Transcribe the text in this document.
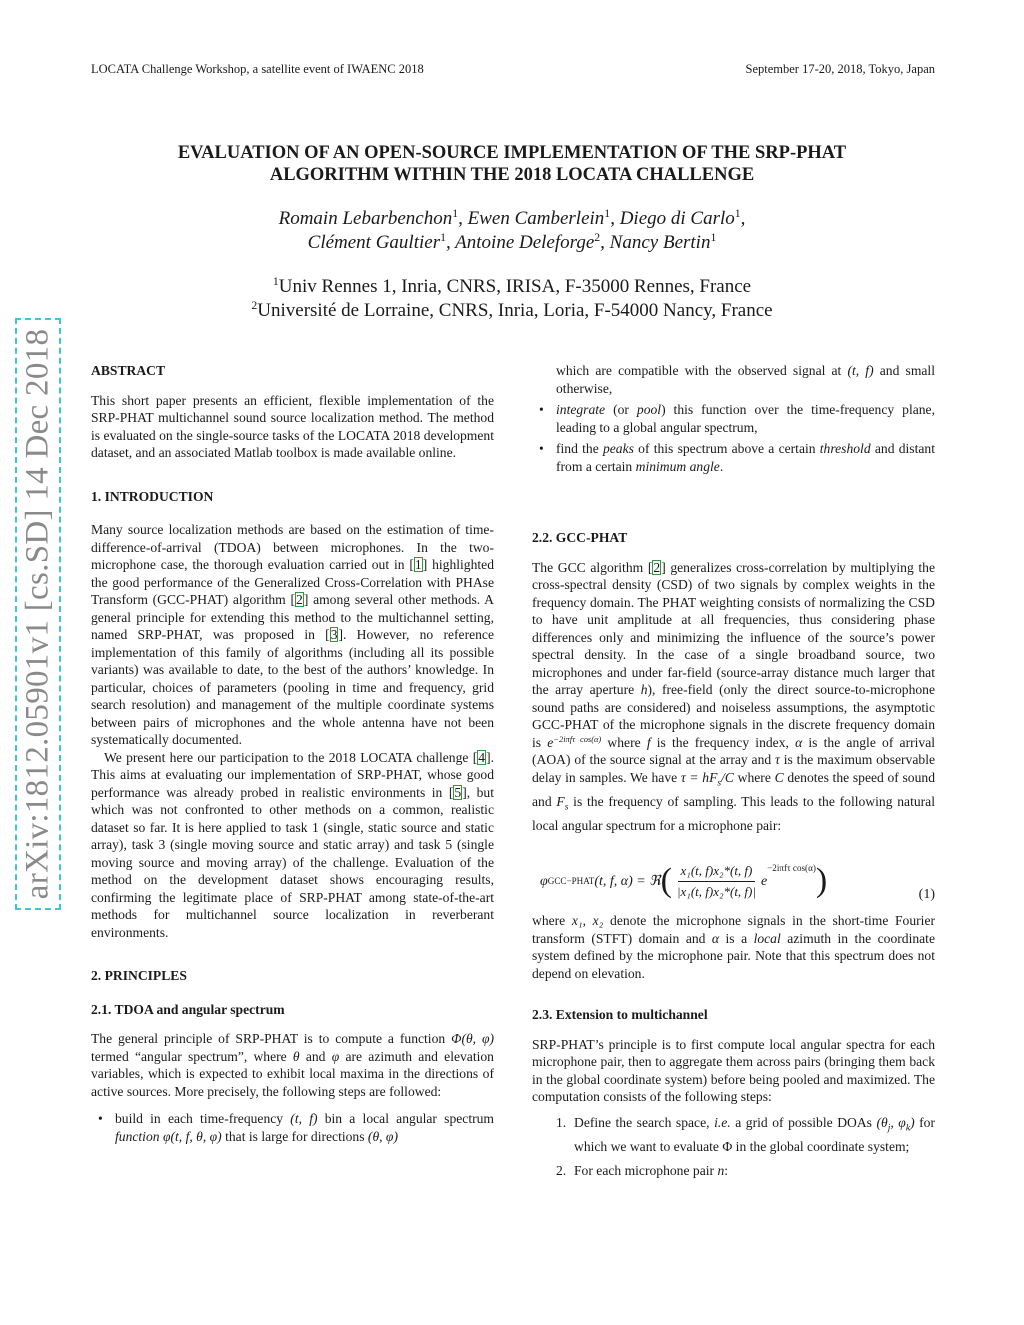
LOCATA Challenge Workshop, a satellite event of IWAENC 2018	September 17-20, 2018, Tokyo, Japan
arXiv:1812.05901v1 [cs.SD] 14 Dec 2018
EVALUATION OF AN OPEN-SOURCE IMPLEMENTATION OF THE SRP-PHAT
ALGORITHM WITHIN THE 2018 LOCATA CHALLENGE
Romain Lebarbenchon$^1$, Ewen Camberlein$^1$, Diego di Carlo$^1$,
Clément Gaultier$^1$, Antoine Deleforge$^2$, Nancy Bertin$^1$
$^1$Univ Rennes 1, Inria, CNRS, IRISA, F-35000 Rennes, France
$^2$Université de Lorraine, CNRS, Inria, Loria, F-54000 Nancy, France

ABSTRACT

This short paper presents an efficient, flexible implementation of the SRP-PHAT multichannel sound source localization method. The method is evaluated on the single-source tasks of the LOCATA 2018 development dataset, and an associated Matlab toolbox is made available online.

1. INTRODUCTION

Many source localization methods are based on the estimation of time-difference-of-arrival (TDOA) between microphones. In the two-microphone case, the thorough evaluation carried out in [1] highlighted the good performance of the Generalized Cross-Correlation with PHAse Transform (GCC-PHAT) algorithm [2] among several other methods. A general principle for extending this method to the multichannel setting, named SRP-PHAT, was proposed in [3]. However, no reference implementation of this family of algorithms (including all its possible variants) was available to date, to the best of the authors’ knowledge. In particular, choices of parameters (pooling in time and frequency, grid search resolution) and management of the multiple coordinate systems between pairs of microphones and the whole antenna have not been systematically documented.

We present here our participation to the 2018 LOCATA challenge [4]. This aims at evaluating our implementation of SRP-PHAT, whose good performance was already probed in realistic environments in [5], but which was not confronted to other methods on a common, realistic dataset so far. It is here applied to task 1 (single, static source and static array), task 3 (single moving source and static array) and task 5 (single moving source and moving array) of the challenge. Evaluation of the method on the development dataset shows encouraging results, confirming the legitimate place of SRP-PHAT among state-of-the-art methods for multichannel source localization in reverberant environments.

2. PRINCIPLES

2.1. TDOA and angular spectrum

The general principle of SRP-PHAT is to compute a function Φ(θ, φ) termed “angular spectrum”, where θ and φ are azimuth and elevation variables, which is expected to exhibit local maxima in the directions of active sources. More precisely, the following steps are followed:

• build in each time-frequency (t, f) bin a local angular spectrum function φ(t, f, θ, φ) that is large for directions (θ, φ)

which are compatible with the observed signal at (t, f) and small otherwise,

• integrate (or pool) this function over the time-frequency plane, leading to a global angular spectrum,

• find the peaks of this spectrum above a certain threshold and distant from a certain minimum angle.

2.2. GCC-PHAT

The GCC algorithm [2] generalizes cross-correlation by multiplying the cross-spectral density (CSD) of two signals by complex weights in the frequency domain. The PHAT weighting consists of normalizing the CSD to have unit amplitude at all frequencies, thus considering phase differences only and minimizing the influence of the source’s power spectral density. In the case of a single broadband source, two microphones and under far-field (source-array distance much larger that the array aperture h), free-field (only the direct source-to-microphone sound paths are considered) and noiseless assumptions, the asymptotic GCC-PHAT of the microphone signals in the discrete frequency domain is $e^{-2i\pi f\tau cos(\alpha)}$ where f is the frequency index, α is the angle of arrival (AOA) of the source signal at the array and τ is the maximum observable delay in samples. We have $\tau = hF_s/C$ where C denotes the speed of sound and $F_s$ is the frequency of sampling. This leads to the following natural local angular spectrum for a microphone pair:

φ GCC−PHAT (t, f, α) = ℜ ( $\frac{\text{x₁(t, f)x₂*(t, f)}}{\text{|x₁(t, f)x₂*(t, f)|}}$ e
−2iπfτ cos(α) )	(1)

where x₁, x₂ denote the microphone signals in the short-time Fourier transform (STFT) domain and α is a local azimuth in the coordinate system defined by the microphone pair. Note that this spectrum does not depend on elevation.

2.3. Extension to multichannel

SRP-PHAT’s principle is to first compute local angular spectra for each microphone pair, then to aggregate them across pairs (bringing them back in the global coordinate system) before being pooled and maximized. The computation consists of the following steps:

1. Define the search space, i.e. a grid of possible DOAs ($\theta_j$, $\varphi_k$) for which we want to evaluate Φ in the global coordinate system;

2. For each microphone pair n:
